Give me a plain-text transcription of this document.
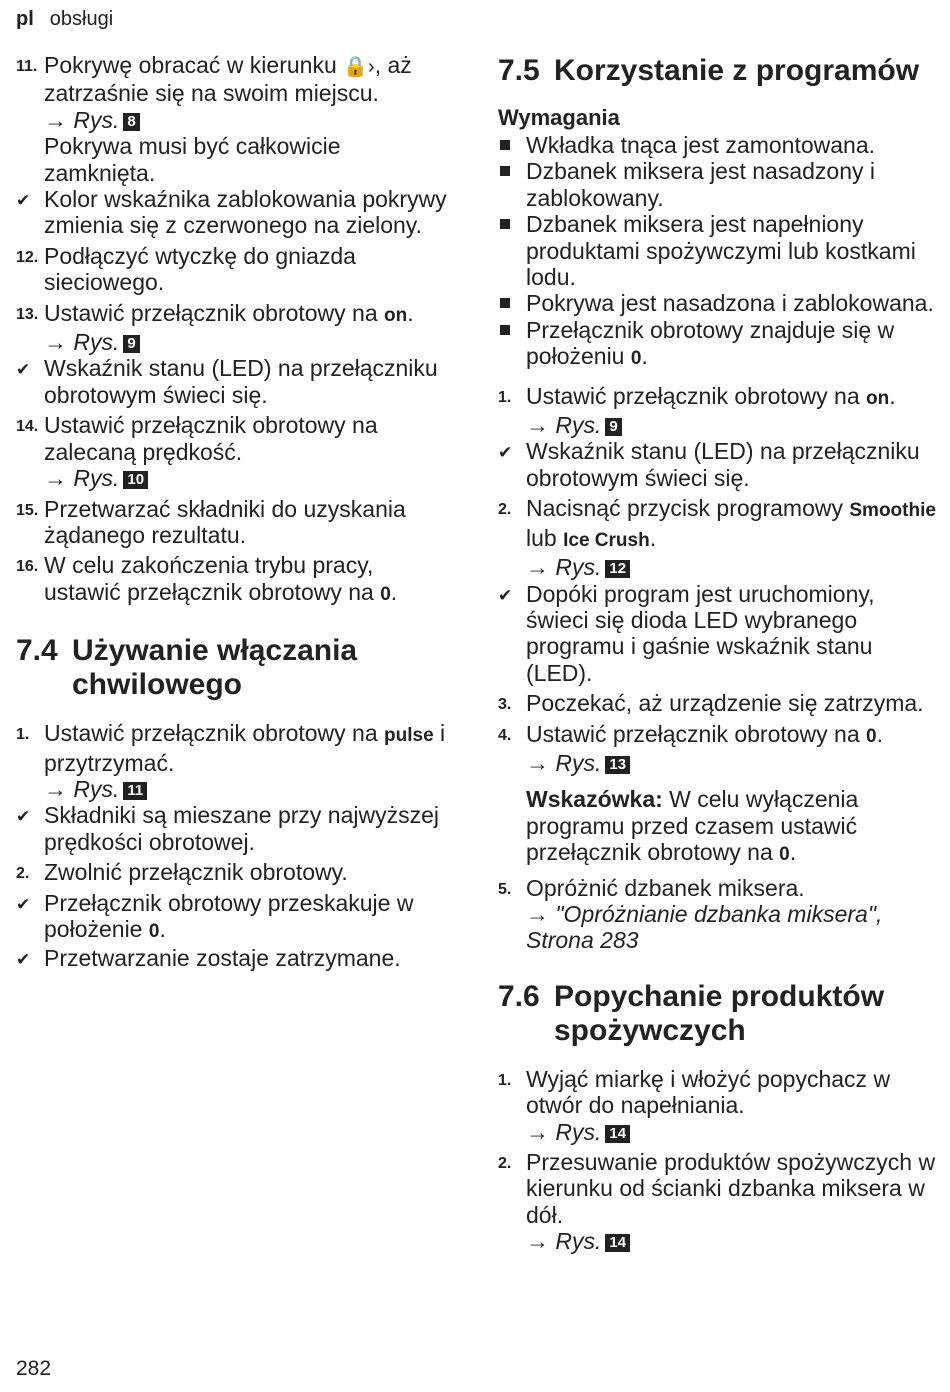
pl obsługi
11. Pokrywę obracać w kierunku 🔒›, aż zatrzaśnie się na swoim miejscu.
→ Rys. 8
Pokrywa musi być całkowicie zamknięta.
✔ Kolor wskaźnika zablokowania pokrywy zmienia się z czerwonego na zielony.
12. Podłączyć wtyczkę do gniazda sieciowego.
13. Ustawić przełącznik obrotowy na on.
→ Rys. 9
✔ Wskaźnik stanu (LED) na przełączniku obrotowym świeci się.
14. Ustawić przełącznik obrotowy na zalecaną prędkość.
→ Rys. 10
15. Przetwarzać składniki do uzyskania żądanego rezultatu.
16. W celu zakończenia trybu pracy, ustawić przełącznik obrotowy na 0.
7.4 Używanie włączania chwilowego
1. Ustawić przełącznik obrotowy na pulse i przytrzymać.
→ Rys. 11
✔ Składniki są mieszane przy najwyższej prędkości obrotowej.
2. Zwolnić przełącznik obrotowy.
✔ Przełącznik obrotowy przeskakuje w położenie 0.
✔ Przetwarzanie zostaje zatrzymane.
7.5 Korzystanie z programów
Wymagania
Wkładka tnąca jest zamontowana.
Dzbanek miksera jest nasadzony i zablokowany.
Dzbanek miksera jest napełniony produktami spożywczymi lub kostkami lodu.
Pokrywa jest nasadzona i zablokowana.
Przełącznik obrotowy znajduje się w położeniu 0.
1. Ustawić przełącznik obrotowy na on.
→ Rys. 9
✔ Wskaźnik stanu (LED) na przełączniku obrotowym świeci się.
2. Nacisnąć przycisk programowy Smoothie lub Ice Crush.
→ Rys. 12
✔ Dopóki program jest uruchomiony, świeci się dioda LED wybranego programu i gaśnie wskaźnik stanu (LED).
3. Poczekać, aż urządzenie się zatrzyma.
4. Ustawić przełącznik obrotowy na 0.
→ Rys. 13
Wskazówka: W celu wyłączenia programu przed czasem ustawić przełącznik obrotowy na 0.
5. Opróżnić dzbanek miksera.
→ "Opróżnianie dzbanka miksera", Strona 283
7.6 Popychanie produktów spożywczych
1. Wyjąć miarkę i włożyć popychacz w otwór do napełniania.
→ Rys. 14
2. Przesuwanie produktów spożywczych w kierunku od ścianki dzbanka miksera w dół.
→ Rys. 14
282
